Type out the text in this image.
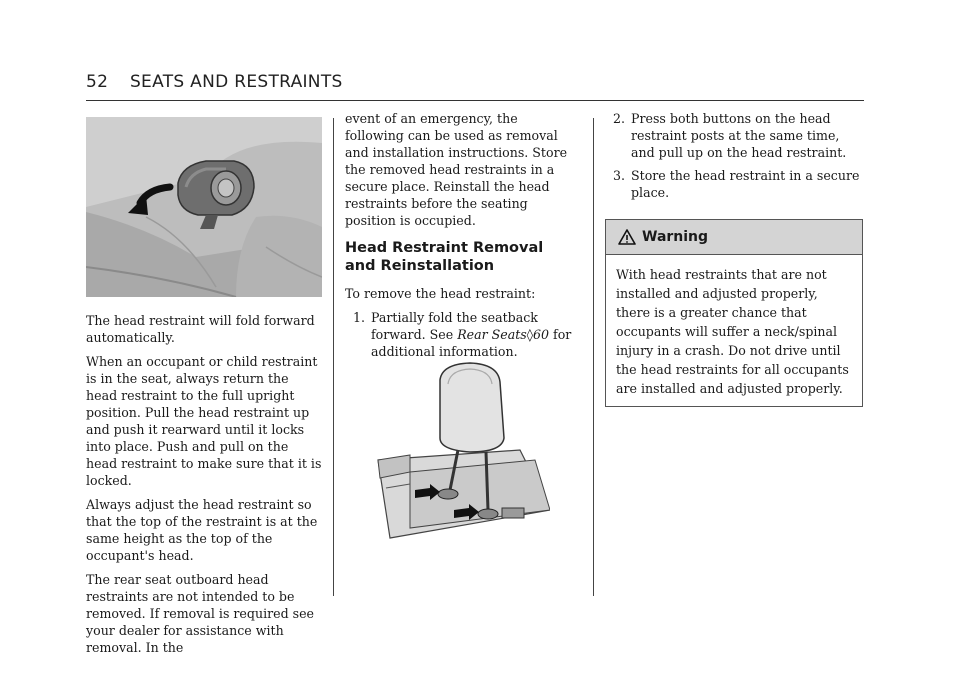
52 SEATS AND RESTRAINTS

The head restraint will fold forward automatically.

When an occupant or child restraint is in the seat, always return the head restraint to the full upright position. Pull the head restraint up and push it rearward until it locks into place. Push and pull on the head restraint to make sure that it is locked.

Always adjust the head restraint so that the top of the restraint is at the same height as the top of the occupant's head.

The rear seat outboard head restraints are not intended to be removed. If removal is required see your dealer for assistance with removal. In the

event of an emergency, the following can be used as removal and installation instructions. Store the removed head restraints in a secure place. Reinstall the head restraints before the seating position is occupied.

Head Restraint Removal and Reinstallation

To remove the head restraint:

1. Partially fold the seatback forward. See Rear Seats◊60 for additional information.
2. Press both buttons on the head restraint posts at the same time, and pull up on the head restraint.
3. Store the head restraint in a secure place.
Warning
With head restraints that are not installed and adjusted properly, there is a greater chance that occupants will suffer a neck/spinal injury in a crash. Do not drive until the head restraints for all occupants are installed and adjusted properly.
